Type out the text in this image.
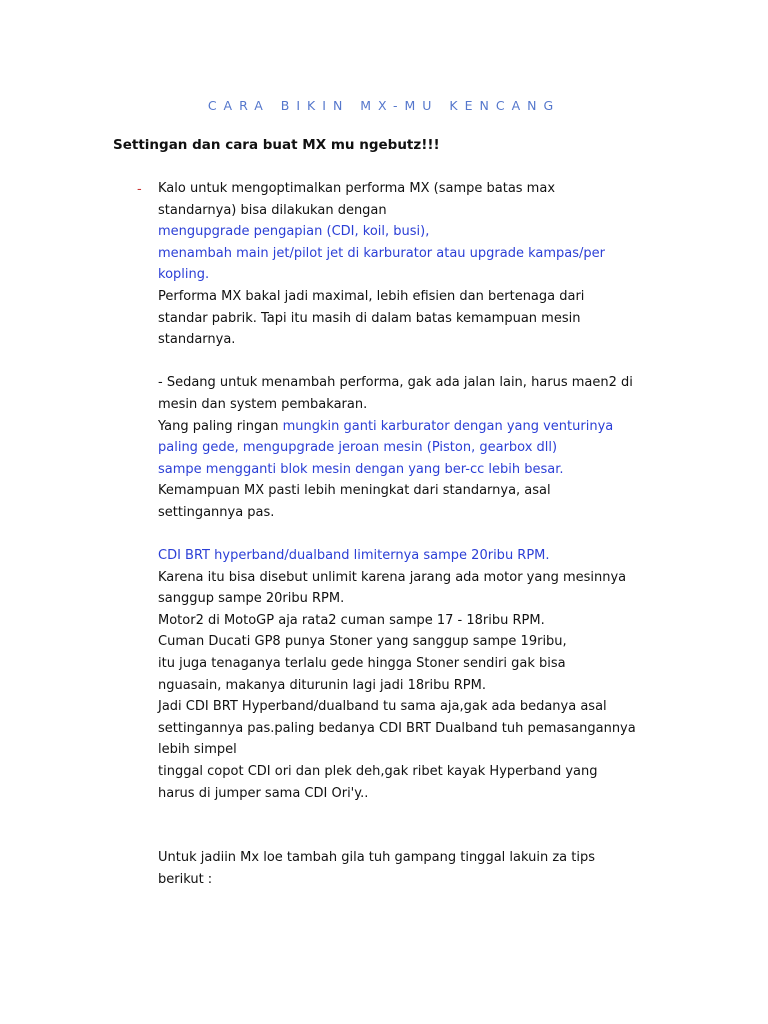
CARA BIKIN MX-MU KENCANG

Settingan dan cara buat MX mu ngebutz!!!

- Kalo untuk mengoptimalkan performa MX (sampe batas max
standarnya) bisa dilakukan dengan
mengupgrade pengapian (CDI, koil, busi),
menambah main jet/pilot jet di karburator atau upgrade kampas/per
kopling.
Performa MX bakal jadi maximal, lebih efisien dan bertenaga dari
standar pabrik. Tapi itu masih di dalam batas kemampuan mesin
standarnya.
- Sedang untuk menambah performa, gak ada jalan lain, harus maen2 di
mesin dan system pembakaran.
Yang paling ringan mungkin ganti karburator dengan yang venturinya
paling gede, mengupgrade jeroan mesin (Piston, gearbox dll)
sampe mengganti blok mesin dengan yang ber-cc lebih besar.
Kemampuan MX pasti lebih meningkat dari standarnya, asal
settingannya pas.
CDI BRT hyperband/dualband limiternya sampe 20ribu RPM.
Karena itu bisa disebut unlimit karena jarang ada motor yang mesinnya
sanggup sampe 20ribu RPM.
Motor2 di MotoGP aja rata2 cuman sampe 17 - 18ribu RPM.
Cuman Ducati GP8 punya Stoner yang sanggup sampe 19ribu,
itu juga tenaganya terlalu gede hingga Stoner sendiri gak bisa
nguasain, makanya diturunin lagi jadi 18ribu RPM.
Jadi CDI BRT Hyperband/dualband tu sama aja,gak ada bedanya asal
settingannya pas.paling bedanya CDI BRT Dualband tuh pemasangannya
lebih simpel
tinggal copot CDI ori dan plek deh,gak ribet kayak Hyperband yang
harus di jumper sama CDI Ori'y..
Untuk jadiin Mx loe tambah gila tuh gampang tinggal lakuin za tips
berikut :
